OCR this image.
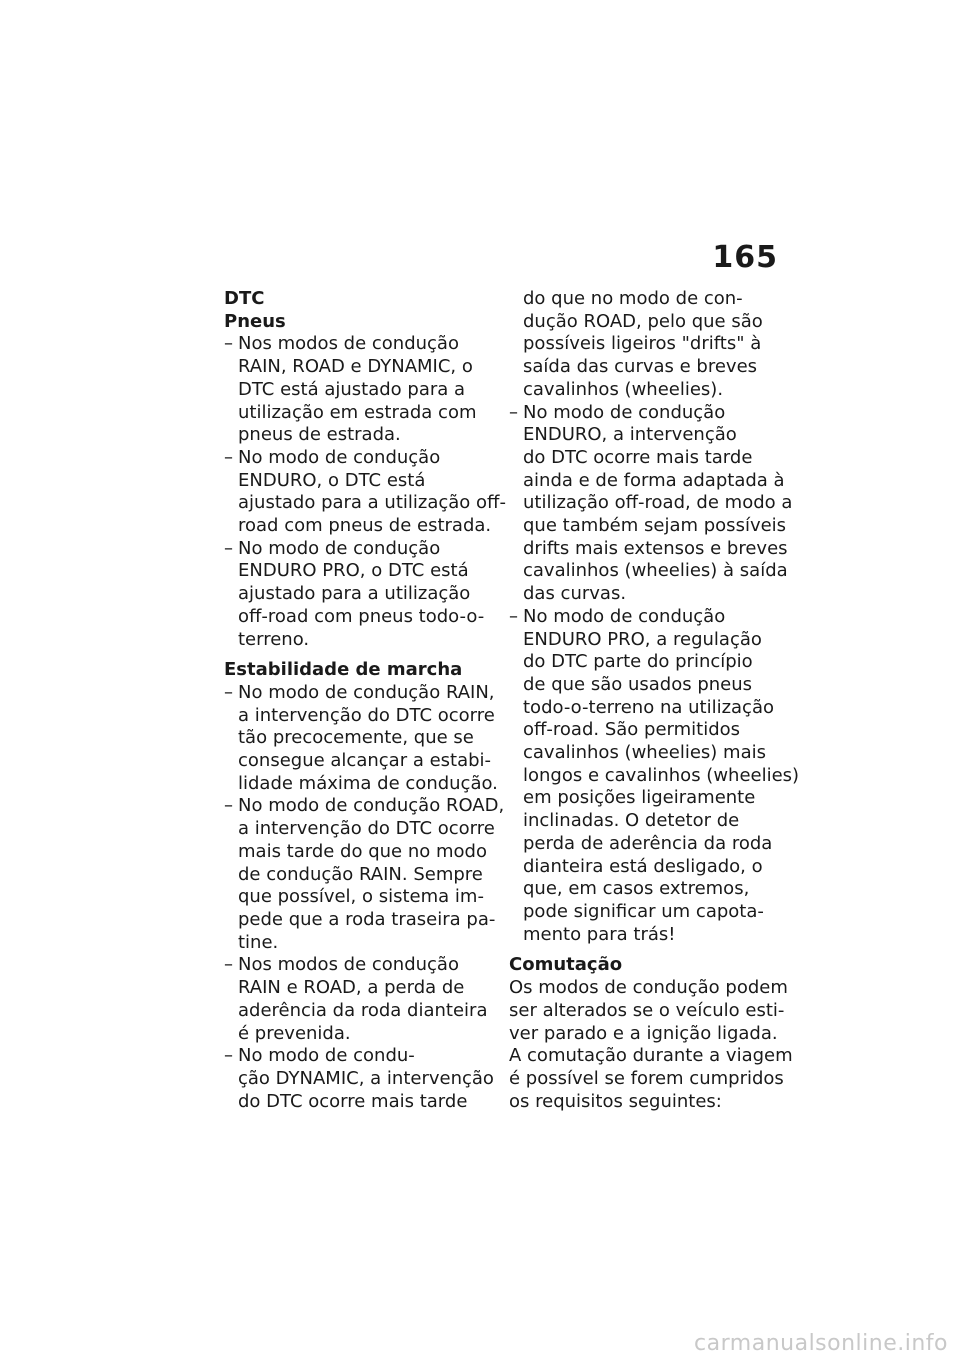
165

DTC

Pneus

– Nos modos de condução
RAIN, ROAD e DYNAMIC, o
DTC está ajustado para a
utilização em estrada com
pneus de estrada.
– No modo de condução
ENDURO, o DTC está
ajustado para a utilização off-
road com pneus de estrada.
– No modo de condução
ENDURO PRO, o DTC está
ajustado para a utilização
off-road com pneus todo-o-
terreno.

Estabilidade de marcha

– No modo de condução RAIN,
a intervenção do DTC ocorre
tão precocemente, que se
consegue alcançar a estabi-
lidade máxima de condução.
– No modo de condução ROAD,
a intervenção do DTC ocorre
mais tarde do que no modo
de condução RAIN. Sempre
que possível, o sistema im-
pede que a roda traseira pa-
tine.
– Nos modos de condução
RAIN e ROAD, a perda de
aderência da roda dianteira
é prevenida.
– No modo de condu-
ção DYNAMIC, a intervenção
do DTC ocorre mais tarde
do que no modo de con-
dução ROAD, pelo que são
possíveis ligeiros "drifts" à
saída das curvas e breves
cavalinhos (wheelies).
– No modo de condução
ENDURO, a intervenção
do DTC ocorre mais tarde
ainda e de forma adaptada à
utilização off-road, de modo a
que também sejam possíveis
drifts mais extensos e breves
cavalinhos (wheelies) à saída
das curvas.
– No modo de condução
ENDURO PRO, a regulação
do DTC parte do princípio
de que são usados pneus
todo-o-terreno na utilização
off-road. São permitidos
cavalinhos (wheelies) mais
longos e cavalinhos (wheelies)
em posições ligeiramente
inclinadas. O detetor de
perda de aderência da roda
dianteira está desligado, o
que, em casos extremos,
pode significar um capota-
mento para trás!

Comutação

Os modos de condução podem
ser alterados se o veículo esti-
ver parado e a ignição ligada.
A comutação durante a viagem
é possível se forem cumpridos
os requisitos seguintes:
carmanualsonline.info
